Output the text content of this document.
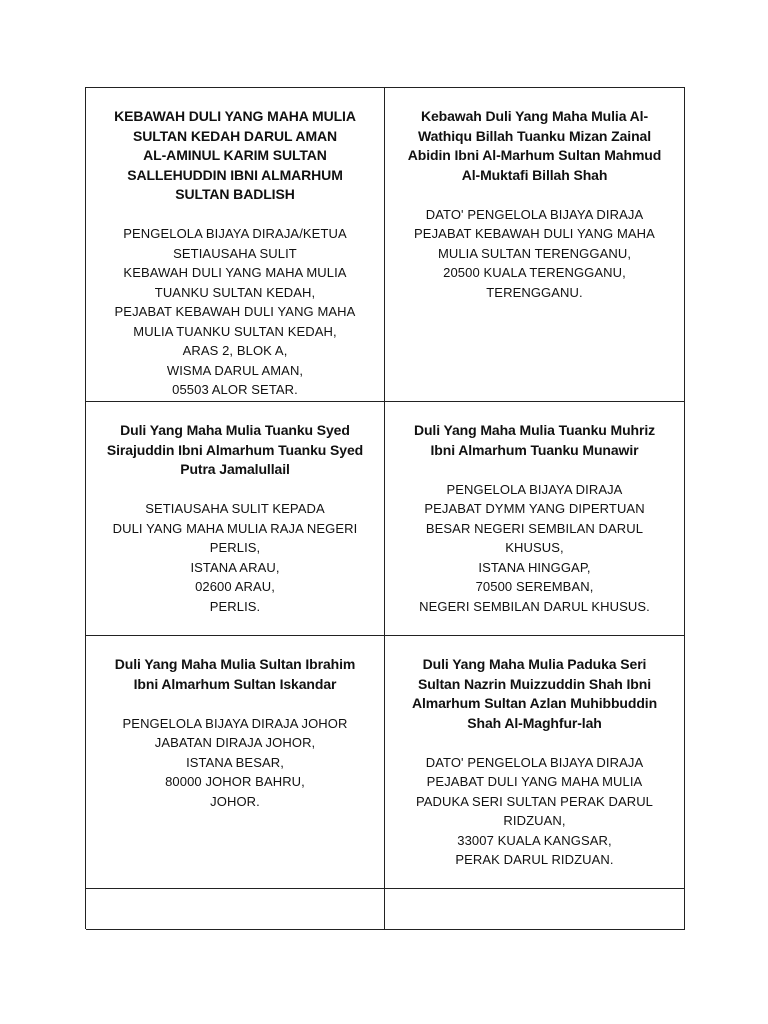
KEBAWAH DULI YANG MAHA MULIA
SULTAN KEDAH DARUL AMAN
AL-AMINUL KARIM SULTAN
SALLEHUDDIN IBNI ALMARHUM
SULTAN BADLISH
PENGELOLA BIJAYA DIRAJA/KETUA
SETIAUSAHA SULIT
KEBAWAH DULI YANG MAHA MULIA
TUANKU SULTAN KEDAH,
PEJABAT KEBAWAH DULI YANG MAHA
MULIA TUANKU SULTAN KEDAH,
ARAS 2, BLOK A,
WISMA DARUL AMAN,
05503 ALOR SETAR.
Kebawah Duli Yang Maha Mulia Al-
Wathiqu Billah Tuanku Mizan Zainal
Abidin Ibni Al-Marhum Sultan Mahmud
Al-Muktafi Billah Shah
DATO' PENGELOLA BIJAYA DIRAJA
PEJABAT KEBAWAH DULI YANG MAHA
MULIA SULTAN TERENGGANU,
20500 KUALA TERENGGANU,
TERENGGANU.
Duli Yang Maha Mulia Tuanku Syed
Sirajuddin Ibni Almarhum Tuanku Syed
Putra Jamalullail
SETIAUSAHA SULIT KEPADA
DULI YANG MAHA MULIA RAJA NEGERI
PERLIS,
ISTANA ARAU,
02600 ARAU,
PERLIS.
Duli Yang Maha Mulia Tuanku Muhriz
Ibni Almarhum Tuanku Munawir
PENGELOLA BIJAYA DIRAJA
PEJABAT DYMM YANG DIPERTUAN
BESAR NEGERI SEMBILAN DARUL
KHUSUS,
ISTANA HINGGAP,
70500 SEREMBAN,
NEGERI SEMBILAN DARUL KHUSUS.
Duli Yang Maha Mulia Sultan Ibrahim
Ibni Almarhum Sultan Iskandar
PENGELOLA BIJAYA DIRAJA JOHOR
JABATAN DIRAJA JOHOR,
ISTANA BESAR,
80000 JOHOR BAHRU,
JOHOR.
Duli Yang Maha Mulia Paduka Seri
Sultan Nazrin Muizzuddin Shah Ibni
Almarhum Sultan Azlan Muhibbuddin
Shah Al-Maghfur-lah
DATO' PENGELOLA BIJAYA DIRAJA
PEJABAT DULI YANG MAHA MULIA
PADUKA SERI SULTAN PERAK DARUL
RIDZUAN,
33007 KUALA KANGSAR,
PERAK DARUL RIDZUAN.
